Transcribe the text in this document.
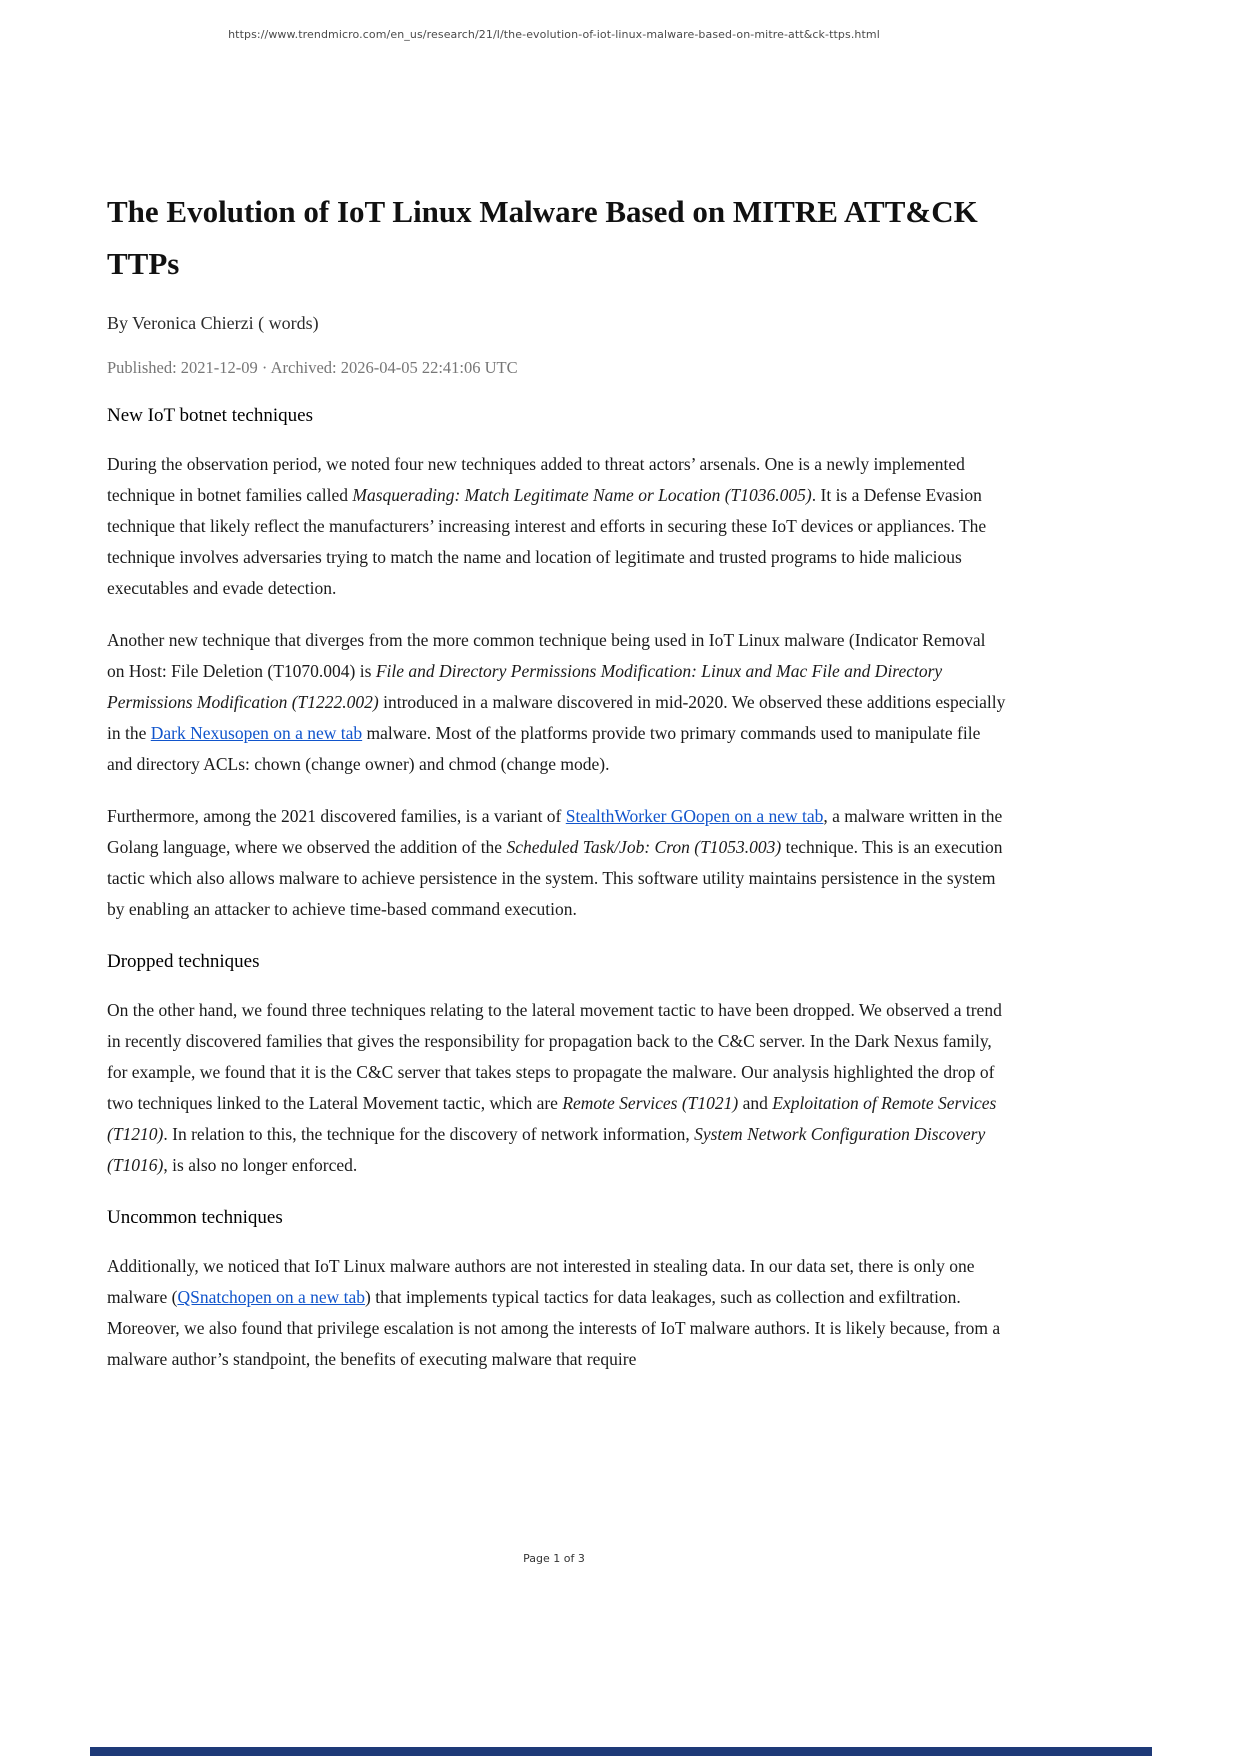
https://www.trendmicro.com/en_us/research/21/l/the-evolution-of-iot-linux-malware-based-on-mitre-att&ck-ttps.html
The Evolution of IoT Linux Malware Based on MITRE ATT&CK TTPs

By Veronica Chierzi ( words)

Published: 2021-12-09 · Archived: 2026-04-05 22:41:06 UTC

New IoT botnet techniques

During the observation period, we noted four new techniques added to threat actors’ arsenals. One is a newly implemented technique in botnet families called Masquerading: Match Legitimate Name or Location (T1036.005). It is a Defense Evasion technique that likely reflect the manufacturers’ increasing interest and efforts in securing these IoT devices or appliances. The technique involves adversaries trying to match the name and location of legitimate and trusted programs to hide malicious executables and evade detection.

Another new technique that diverges from the more common technique being used in IoT Linux malware (Indicator Removal on Host: File Deletion (T1070.004) is File and Directory Permissions Modification: Linux and Mac File and Directory Permissions Modification (T1222.002) introduced in a malware discovered in mid-2020. We observed these additions especially in the Dark Nexusopen on a new tab malware. Most of the platforms provide two primary commands used to manipulate file and directory ACLs: chown (change owner) and chmod (change mode).

Furthermore, among the 2021 discovered families, is a variant of StealthWorker GOopen on a new tab, a malware written in the Golang language, where we observed the addition of the Scheduled Task/Job: Cron (T1053.003) technique. This is an execution tactic which also allows malware to achieve persistence in the system. This software utility maintains persistence in the system by enabling an attacker to achieve time-based command execution.

Dropped techniques

On the other hand, we found three techniques relating to the lateral movement tactic to have been dropped. We observed a trend in recently discovered families that gives the responsibility for propagation back to the C&C server. In the Dark Nexus family, for example, we found that it is the C&C server that takes steps to propagate the malware. Our analysis highlighted the drop of two techniques linked to the Lateral Movement tactic, which are Remote Services (T1021) and Exploitation of Remote Services (T1210). In relation to this, the technique for the discovery of network information, System Network Configuration Discovery (T1016), is also no longer enforced.

Uncommon techniques

Additionally, we noticed that IoT Linux malware authors are not interested in stealing data. In our data set, there is only one malware (QSnatchopen on a new tab) that implements typical tactics for data leakages, such as collection and exfiltration. Moreover, we also found that privilege escalation is not among the interests of IoT malware authors. It is likely because, from a malware author’s standpoint, the benefits of executing malware that require

Page 1 of 3
